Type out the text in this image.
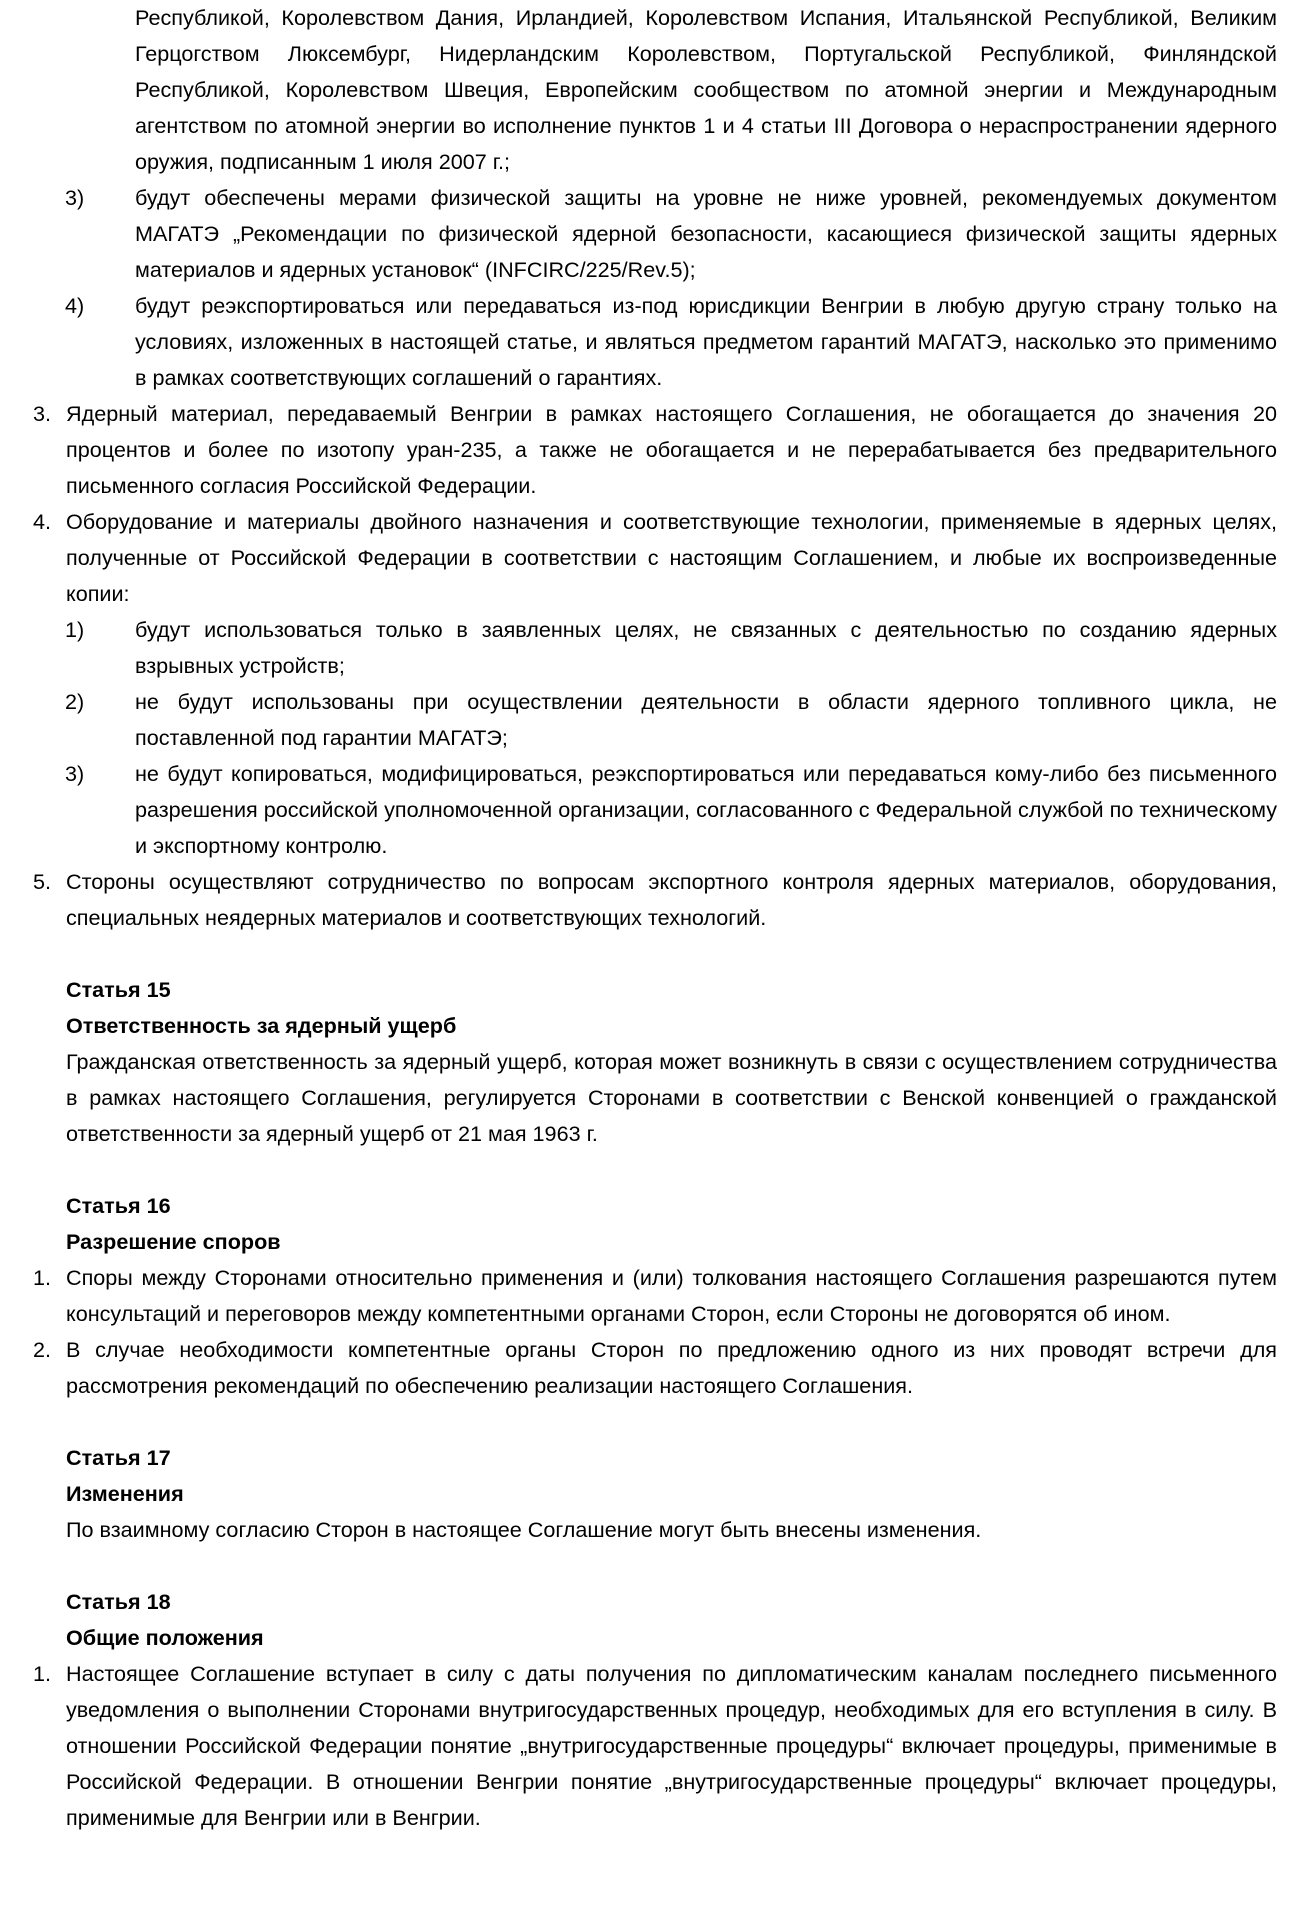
Республикой, Королевством Дания, Ирландией, Королевством Испания, Итальянской Республикой, Великим Герцогством Люксембург, Нидерландским Королевством, Португальской Республикой, Финляндской Республикой, Королевством Швеция, Европейским сообществом по атомной энергии и Международным агентством по атомной энергии во исполнение пунктов 1 и 4 статьи III Договора о нераспространении ядерного оружия, подписанным 1 июля 2007 г.;
3) будут обеспечены мерами физической защиты на уровне не ниже уровней, рекомендуемых документом МАГАТЭ „Рекомендации по физической ядерной безопасности, касающиеся физической защиты ядерных материалов и ядерных установок“ (INFCIRC/225/Rev.5);
4) будут реэкспортироваться или передаваться из-под юрисдикции Венгрии в любую другую страну только на условиях, изложенных в настоящей статье, и являться предметом гарантий МАГАТЭ, насколько это применимо в рамках соответствующих соглашений о гарантиях.
3. Ядерный материал, передаваемый Венгрии в рамках настоящего Соглашения, не обогащается до значения 20 процентов и более по изотопу уран-235, а также не обогащается и не перерабатывается без предварительного письменного согласия Российской Федерации.
4. Оборудование и материалы двойного назначения и соответствующие технологии, применяемые в ядерных целях, полученные от Российской Федерации в соответствии с настоящим Соглашением, и любые их воспроизведенные копии:
1) будут использоваться только в заявленных целях, не связанных с деятельностью по созданию ядерных взрывных устройств;
2) не будут использованы при осуществлении деятельности в области ядерного топливного цикла, не поставленной под гарантии МАГАТЭ;
3) не будут копироваться, модифицироваться, реэкспортироваться или передаваться кому-либо без письменного разрешения российской уполномоченной организации, согласованного с Федеральной службой по техническому и экспортному контролю.
5. Стороны осуществляют сотрудничество по вопросам экспортного контроля ядерных материалов, оборудования, специальных неядерных материалов и соответствующих технологий.
Статья 15
Ответственность за ядерный ущерб
Гражданская ответственность за ядерный ущерб, которая может возникнуть в связи с осуществлением сотрудничества в рамках настоящего Соглашения, регулируется Сторонами в соответствии с Венской конвенцией о гражданской ответственности за ядерный ущерб от 21 мая 1963 г.
Статья 16
Разрешение споров
1. Споры между Сторонами относительно применения и (или) толкования настоящего Соглашения разрешаются путем консультаций и переговоров между компетентными органами Сторон, если Стороны не договорятся об ином.
2. В случае необходимости компетентные органы Сторон по предложению одного из них проводят встречи для рассмотрения рекомендаций по обеспечению реализации настоящего Соглашения.
Статья 17
Изменения
По взаимному согласию Сторон в настоящее Соглашение могут быть внесены изменения.
Статья 18
Общие положения
1. Настоящее Соглашение вступает в силу с даты получения по дипломатическим каналам последнего письменного уведомления о выполнении Сторонами внутригосударственных процедур, необходимых для его вступления в силу. В отношении Российской Федерации понятие „внутригосударственные процедуры“ включает процедуры, применимые в Российской Федерации. В отношении Венгрии понятие „внутригосударственные процедуры“ включает процедуры, применимые для Венгрии или в Венгрии.
